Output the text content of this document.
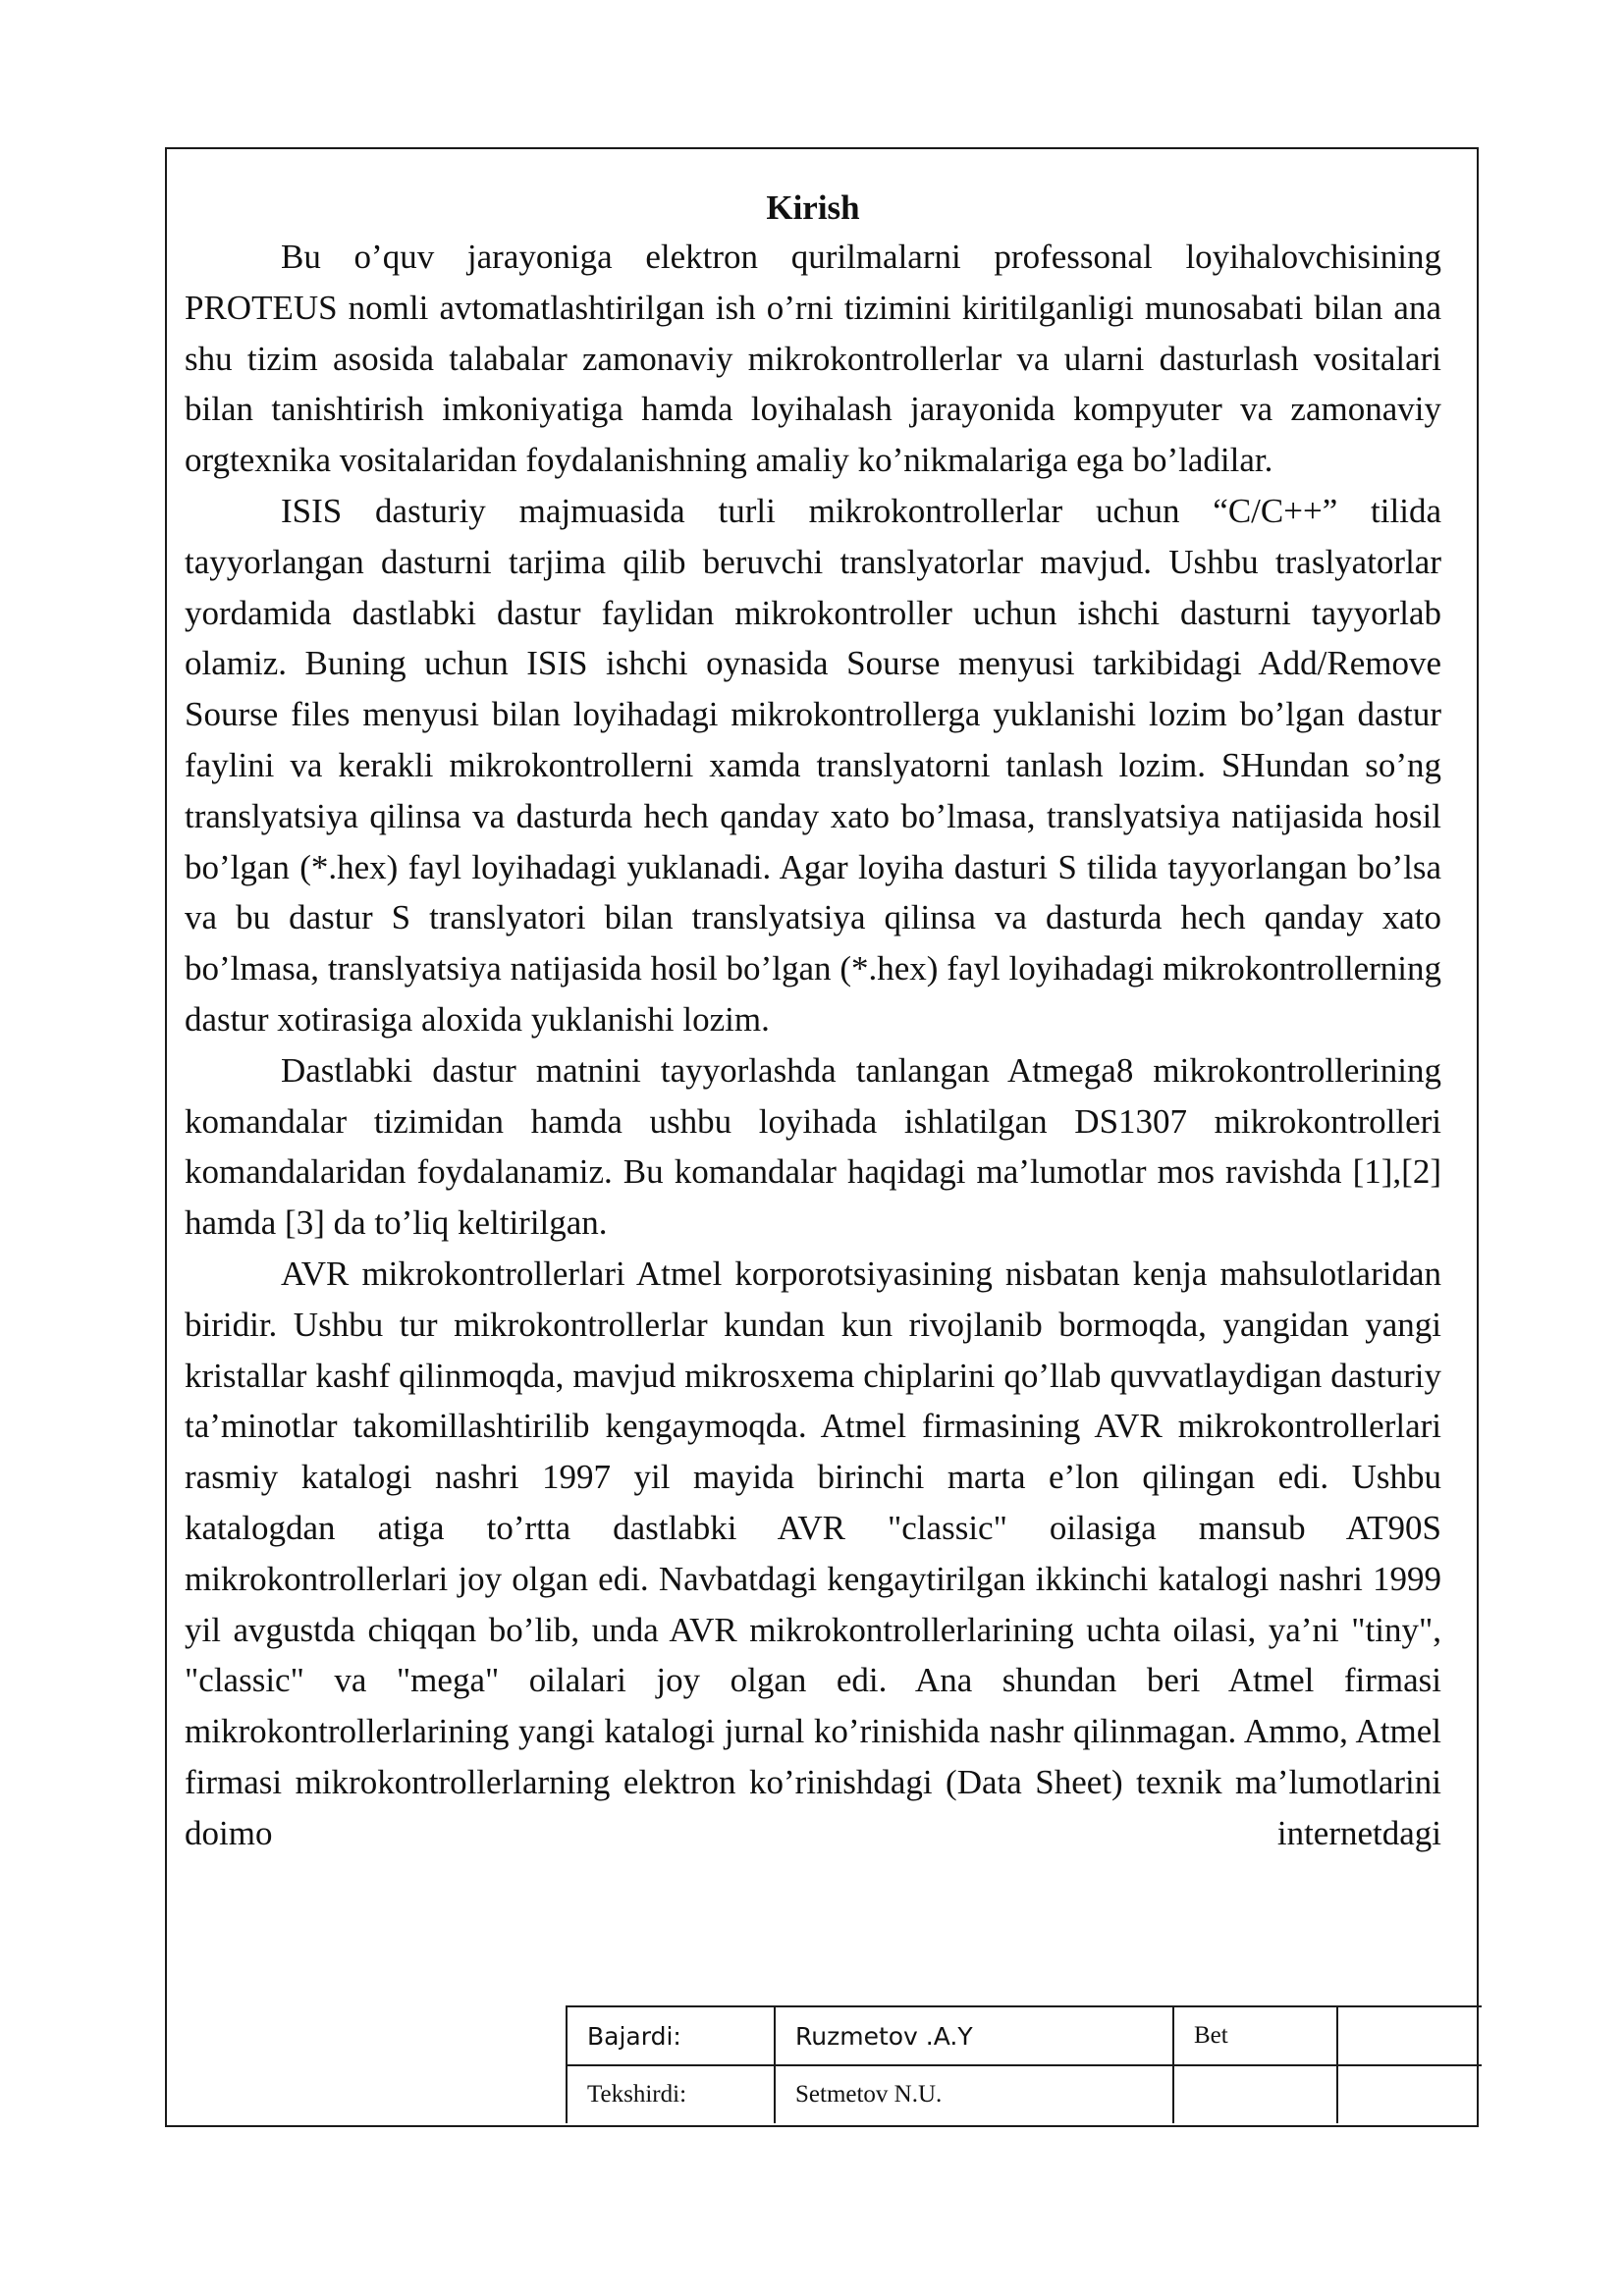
Kirish

Bu o’quv jarayoniga elektron qurilmalarni professonal loyihalovchisining PROTEUS nomli avtomatlashtirilgan ish o’rni tizimini kiritilganligi munosabati bilan ana shu tizim asosida talabalar zamonaviy mikrokontrollerlar va ularni dasturlash vositalari bilan tanishtirish imkoniyatiga hamda loyihalash jarayonida kompyuter va zamonaviy orgtexnika vositalaridan foydalanishning amaliy ko’nikmalariga ega bo’ladilar.

ISIS dasturiy majmuasida turli mikrokontrollerlar uchun “C/C++” tilida tayyorlangan dasturni tarjima qilib beruvchi translyatorlar mavjud. Ushbu traslyatorlar yordamida dastlabki dastur faylidan mikrokontroller uchun ishchi dasturni tayyorlab olamiz. Buning uchun ISIS ishchi oynasida Sourse menyusi tarkibidagi Add/Remove Sourse files menyusi bilan loyihadagi mikrokontrollerga yuklanishi lozim bo’lgan dastur faylini va kerakli mikrokontrollerni xamda translyatorni tanlash lozim. SHundan so’ng translyatsiya qilinsa va dasturda hech qanday xato bo’lmasa, translyatsiya natijasida hosil bo’lgan (*.hex) fayl loyihadagi yuklanadi. Agar loyiha dasturi S tilida tayyorlangan bo’lsa va bu dastur S translyatori bilan translyatsiya qilinsa va dasturda hech qanday xato bo’lmasa, translyatsiya natijasida hosil bo’lgan (*.hex) fayl loyihadagi mikrokontrollerning dastur xotirasiga aloxida yuklanishi lozim.

Dastlabki dastur matnini tayyorlashda tanlangan Atmega8 mikrokontrollerining komandalar tizimidan hamda ushbu loyihada ishlatilgan DS1307 mikrokontrolleri komandalaridan foydalanamiz. Bu komandalar haqidagi ma’lumotlar mos ravishda [1],[2] hamda [3] da to’liq keltirilgan.

AVR mikrokontrollerlari Atmel korporotsiyasining nisbatan kenja mahsulotlaridan biridir. Ushbu tur mikrokontrollerlar kundan kun rivojlanib bormoqda, yangidan yangi kristallar kashf qilinmoqda, mavjud mikrosxema chiplarini qo’llab quvvatlaydigan dasturiy ta’minotlar takomillashtirilib kengaymoqda. Atmel firmasining AVR mikrokontrollerlari rasmiy katalogi nashri 1997 yil mayida birinchi marta e’lon qilingan edi. Ushbu katalogdan atiga to’rtta dastlabki AVR "classic" oilasiga mansub AT90S mikrokontrollerlari joy olgan edi. Navbatdagi kengaytirilgan ikkinchi katalogi nashri 1999 yil avgustda chiqqan bo’lib, unda AVR mikrokontrollerlarining uchta oilasi, ya’ni "tiny", "classic" va "mega" oilalari joy olgan edi. Ana shundan beri Atmel firmasi mikrokontrollerlarining yangi katalogi jurnal ko’rinishida nashr qilinmagan. Ammo, Atmel firmasi mikrokontrollerlarning elektron ko’rinishdagi (Data Sheet) texnik ma’lumotlarini doimo internetdagi

Bajardi:	Ruzmetov .A.Y	Bet	
Tekshirdi:	Setmetov N.U.		
